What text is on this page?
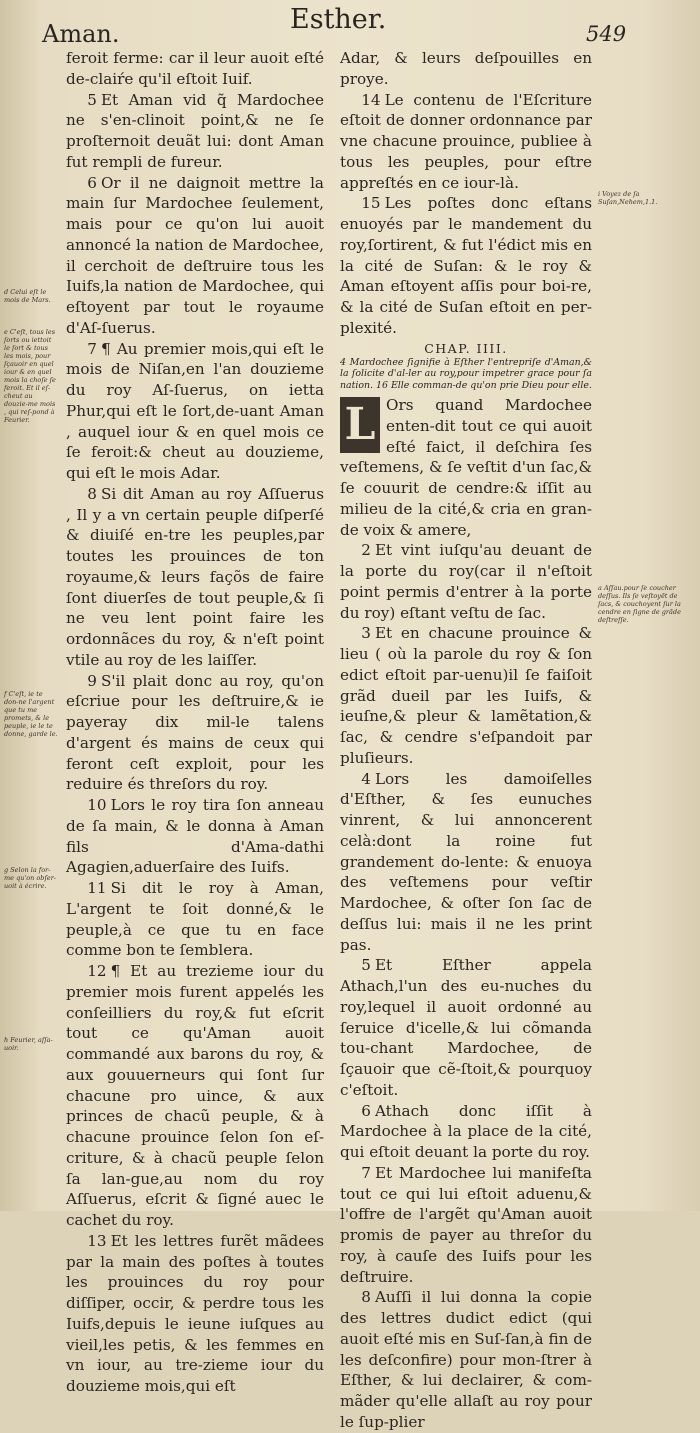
Aman.	Esther.	549
d Celui eſt le mois de Mars.
e C'eſt, tous les ſorts ou iettoit le ſort & tous les mois, pour ſçauoir en quel iour & en quel mois la choſe ſe feroit. Et il eſ-cheut au douzie-me mois , qui reſ-pond à Feurier.
f C'eſt, ie te don-ne l'argent que tu me promets, & le peuple, ie le te donne, garde le.
g Selon la for-me qu'on obſer-uoit à écrire.
h Feurier, aſſa-uoir.
i Voyez de ſa Suſan,Nehem,1.1.
a Aſſau.pour ſe coucher deſſus. Ils ſe veſtoyẽt de ſacs, & couchoyent ſur la cendre en ſigne de grãde deſtreſſe.

feroit ferme: car il leur auoit eſté de-claiŕe qu'il eſtoit Iuif.

5 Et Aman vid q̃ Mardochee ne s'en-clinoit point,& ne ſe proſternoit deuãt lui: dont Aman fut rempli de fureur.

6 Or il ne daignoit mettre la main ſur Mardochee ſeulement, mais pour ce qu'on lui auoit annoncé la nation de Mardochee, il cerchoit de deſtruire tous les Iuifs,la nation de Mardochee, qui eſtoyent par tout le royaume d'Aſ-ſuerus.

7 ¶ Au premier mois,qui eſt le mois de Niſan,en l'an douzieme du roy Aſ-ſuerus, on ietta Phur,qui eſt le ſort,de-uant Aman , auquel iour & en quel mois ce ſe feroit:& cheut au douzieme, qui eſt le mois Adar.

8 Si dit Aman au roy Aſſuerus , Il y a vn certain peuple diſperſé & diuiſé en-tre les peuples,par toutes les prouinces de ton royaume,& leurs façõs de faire ſont diuerſes de tout peuple,& ſi ne veu lent point faire les ordonnãces du roy, & n'eſt point vtile au roy de les laiſſer.

9 S'il plait donc au roy, qu'on eſcriue pour les deſtruire,& ie payeray dix mil-le talens d'argent és mains de ceux qui feront ceſt exploit, pour les reduire és threſors du roy.

10 Lors le roy tira ſon anneau de ſa main, & le donna à Aman fils d'Ama-dathi Agagien,aduerſaire des Iuifs.

11 Si dit le roy à Aman, L'argent te ſoit donné,& le peuple,à ce que tu en face comme bon te ſemblera.

12 ¶ Et au trezieme iour du premier mois furent appelés les conſeilliers du roy,& fut eſcrit tout ce qu'Aman auoit commandé aux barons du roy, & aux gouuerneurs qui ſont ſur chacune pro uince, & aux princes de chacũ peuple, & à chacune prouince ſelon ſon eſ-criture, & à chacũ peuple ſelon ſa lan-gue,au nom du roy Aſſuerus, eſcrit & ſigné auec le cachet du roy.

13 Et les lettres furẽt mãdees par la main des poſtes à toutes les prouinces du roy pour diſſiper, occir, & perdre tous les Iuifs,depuis le ieune iuſques au vieil,les petis, & les femmes en vn iour, au tre-zieme iour du douzieme mois,qui eſt

Adar, & leurs deſpouilles en proye.

14 Le contenu de l'Eſcriture eſtoit de donner ordonnance par vne chacune prouince, publiee à tous les peuples, pour eſtre appreſtés en ce iour-là.

15 Les poſtes donc eſtans enuoyés par le mandement du roy,ſortirent, & fut l'édict mis en la cité de Suſan: & le roy & Aman eſtoyent aſſis pour boi-re, & la cité de Suſan eſtoit en per-plexité.

CHAP. IIII.

4 Mardochee ſignifie à Eſther l'entrepriſe d'Aman,& la ſolicite d'al-ler au roy,pour impetrer grace pour ſa nation. 16 Elle comman-de qu'on prie Dieu pour elle.

L Ors quand Mardochee enten-dit tout ce qui auoit eſté faict, il deſchira ſes veſtemens, & ſe veſtit d'un ſac,& ſe couurit de cendre:& iſſit au milieu de la cité,& cria en gran-de voix & amere,

2 Et vint iuſqu'au deuant de la porte du roy(car il n'eſtoit point permis d'entrer à la porte du roy) eſtant veſtu de ſac.

3 Et en chacune prouince & lieu ( où la parole du roy & ſon edict eſtoit par-uenu)il ſe faiſoit grãd dueil par les Iuifs, & ieuſne,& pleur & lamẽtation,& ſac, & cendre s'eſpandoit par pluſieurs.

4 Lors les damoiſelles d'Eſther, & ſes eunuches vinrent, & lui annoncerent celà:dont la roine fut grandement do-lente: & enuoya des veſtemens pour veſtir Mardochee, & oſter ſon ſac de deſſus lui: mais il ne les print pas.

5 Et Eſther appela Athach,l'un des eu-nuches du roy,lequel il auoit ordonné au ſeruice d'icelle,& lui cõmanda tou-chant Mardochee, de ſçauoir que cẽ-ſtoit,& pourquoy c'eſtoit.

6 Athach donc iſſit à Mardochee à la place de la cité, qui eſtoit deuant la porte du roy.

7 Et Mardochee lui manifeſta tout ce qui lui eſtoit aduenu,& l'offre de l'argẽt qu'Aman auoit promis de payer au threſor du roy, à cauſe des Iuifs pour les deſtruire.

8 Auſſi il lui donna la copie des lettres dudict edict (qui auoit eſté mis en Suſ-ſan,à fin de les deſconfire) pour mon-ſtrer à Eſther, & lui declairer, & com-mãder qu'elle allaſt au roy pour le ſup-plier
